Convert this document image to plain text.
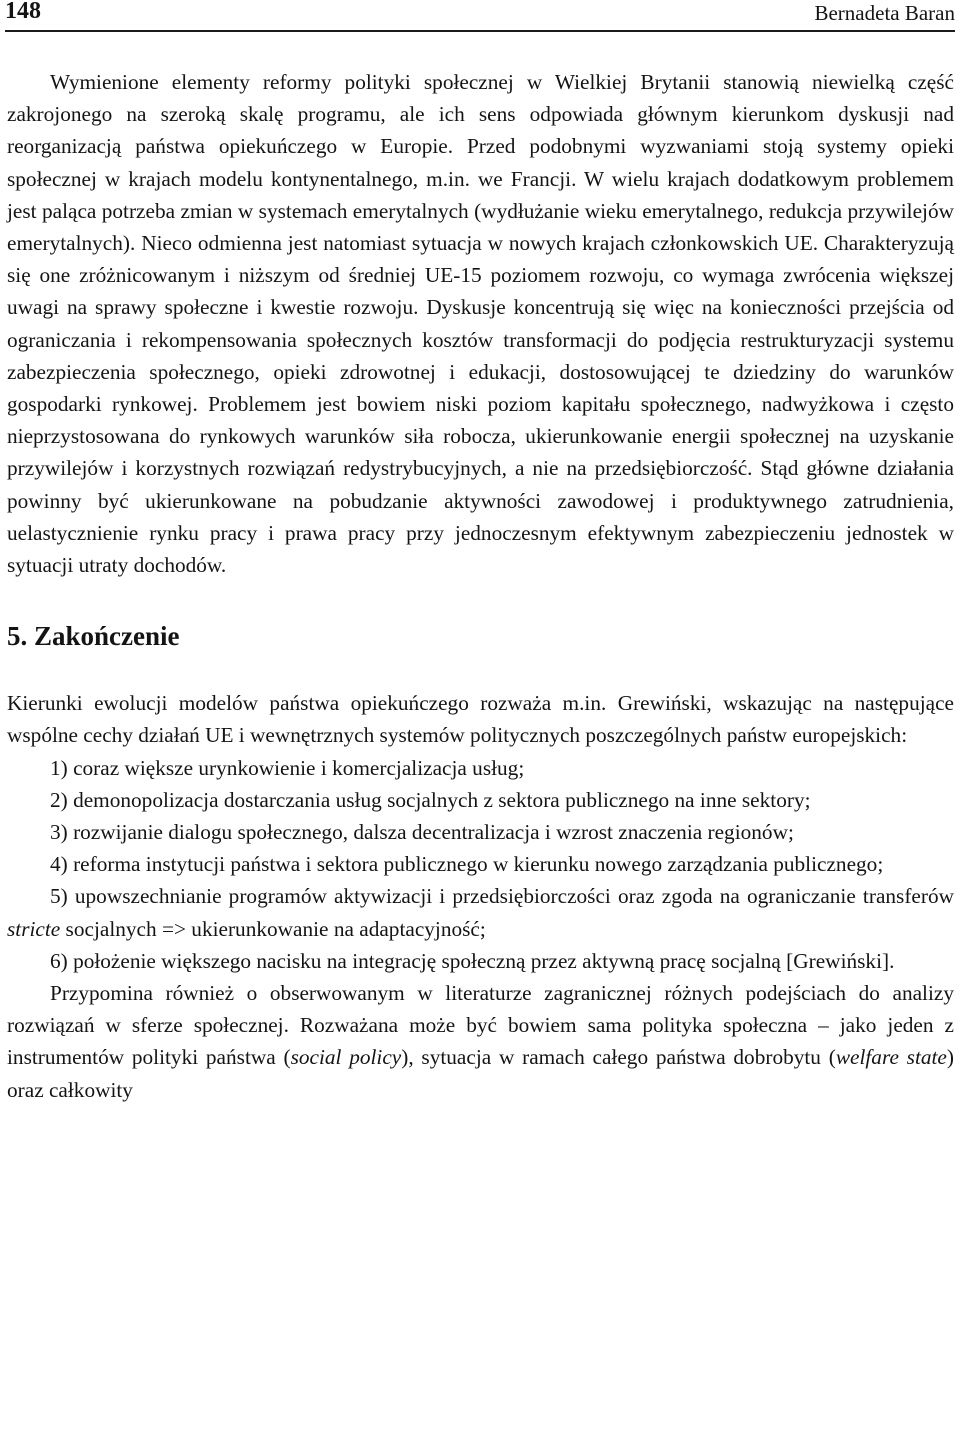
148	Bernadeta Baran

Wymienione elementy reformy polityki społecznej w Wielkiej Brytanii stanowią niewielką część zakrojonego na szeroką skalę programu, ale ich sens odpowiada głównym kierunkom dyskusji nad reorganizacją państwa opiekuńczego w Europie. Przed podobnymi wyzwaniami stoją systemy opieki społecznej w krajach modelu kontynentalnego, m.in. we Francji. W wielu krajach dodatkowym problemem jest paląca potrzeba zmian w systemach emerytalnych (wydłużanie wieku emerytalnego, redukcja przywilejów emerytalnych). Nieco odmienna jest natomiast sytuacja w nowych krajach członkowskich UE. Charakteryzują się one zróżnicowanym i niższym od średniej UE-15 poziomem rozwoju, co wymaga zwrócenia większej uwagi na sprawy społeczne i kwestie rozwoju. Dyskusje koncentrują się więc na konieczności przejścia od ograniczania i rekompensowania społecznych kosztów transformacji do podjęcia restrukturyzacji systemu zabezpieczenia społecznego, opieki zdrowotnej i edukacji, dostosowującej te dziedziny do warunków gospodarki rynkowej. Problemem jest bowiem niski poziom kapitału społecznego, nadwyżkowa i często nieprzystosowana do rynkowych warunków siła robocza, ukierunkowanie energii społecznej na uzyskanie przywilejów i korzystnych rozwiązań redystrybucyjnych, a nie na przedsiębiorczość. Stąd główne działania powinny być ukierunkowane na pobudzanie aktywności zawodowej i produktywnego zatrudnienia, uelastycznienie rynku pracy i prawa pracy przy jednoczesnym efektywnym zabezpieczeniu jednostek w sytuacji utraty dochodów.

5. Zakończenie

Kierunki ewolucji modelów państwa opiekuńczego rozważa m.in. Grewiński, wskazując na następujące wspólne cechy działań UE i wewnętrznych systemów politycznych poszczególnych państw europejskich:

1) coraz większe urynkowienie i komercjalizacja usług;

2) demonopolizacja dostarczania usług socjalnych z sektora publicznego na inne sektory;

3) rozwijanie dialogu społecznego, dalsza decentralizacja i wzrost znaczenia regionów;

4) reforma instytucji państwa i sektora publicznego w kierunku nowego zarządzania publicznego;

5) upowszechnianie programów aktywizacji i przedsiębiorczości oraz zgoda na ograniczanie transferów stricte socjalnych => ukierunkowanie na adaptacyjność;

6) położenie większego nacisku na integrację społeczną przez aktywną pracę socjalną [Grewiński].

Przypomina również o obserwowanym w literaturze zagranicznej różnych podejściach do analizy rozwiązań w sferze społecznej. Rozważana może być bowiem sama polityka społeczna – jako jeden z instrumentów polityki państwa (social policy), sytuacja w ramach całego państwa dobrobytu (welfare state) oraz całkowity
